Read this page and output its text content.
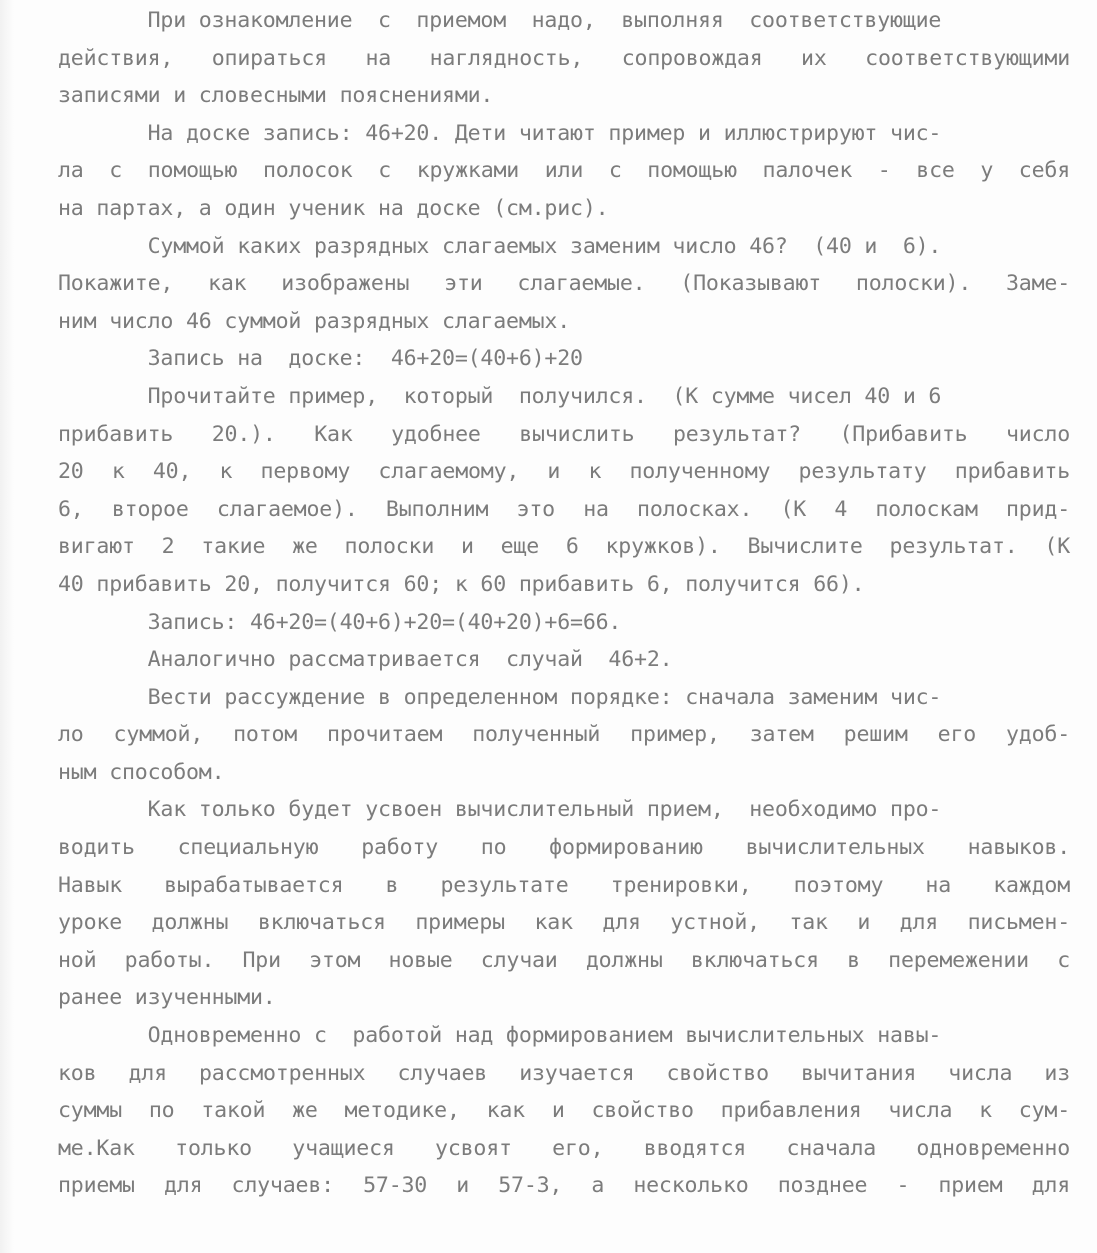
При ознакомление  с  приемом  надо,  выполняя  соответствующие
действия, опираться на наглядность, сопровождая их соответствующими
записями и словесными пояснениями.
На доске запись: 46+20. Дети читают пример и иллюстрируют чис-
ла с помощью полосок с кружками или с помощью палочек - все у себя
на партах, а один ученик на доске (см.рис).
Суммой каких разрядных слагаемых заменим число 46?  (40 и  6).
Покажите, как изображены эти слагаемые. (Показывают полоски). Заме-
ним число 46 суммой разрядных слагаемых.
Запись на  доске:  46+20=(40+6)+20
Прочитайте пример,  который  получился.  (К сумме чисел 40 и 6
прибавить 20.). Как удобнее вычислить результат? (Прибавить число
20 к 40, к первому слагаемому, и к полученному результату прибавить
6, второе слагаемое). Выполним это на полосках. (К 4 полоскам прид-
вигают 2 такие же полоски и еще 6 кружков). Вычислите результат. (К
40 прибавить 20, получится 60; к 60 прибавить 6, получится 66).
Запись: 46+20=(40+6)+20=(40+20)+6=66.
Аналогично рассматривается  случай  46+2.
Вести рассуждение в определенном порядке: сначала заменим чис-
ло суммой, потом прочитаем полученный пример, затем решим его удоб-
ным способом.
Как только будет усвоен вычислительный прием,  необходимо про-
водить специальную работу по формированию вычислительных навыков.
Навык вырабатывается в результате тренировки, поэтому на каждом
уроке должны включаться примеры как для устной, так и для письмен-
ной работы. При этом новые случаи должны включаться в перемежении с
ранее изученными.
Одновременно с  работой над формированием вычислительных навы-
ков для рассмотренных случаев изучается свойство вычитания числа из
суммы по такой же методике, как и свойство прибавления числа к сум-
ме.Как только учащиеся усвоят его, вводятся сначала одновременно
приемы для случаев: 57-30 и 57-3, а несколько позднее - прием для
